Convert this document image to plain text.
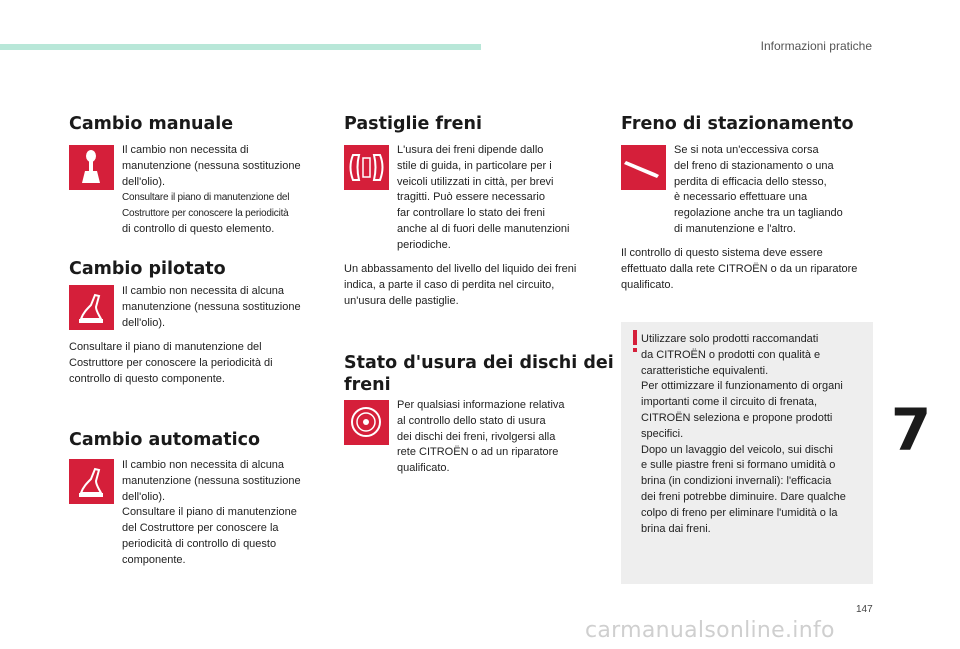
Informazioni pratiche
Cambio manuale

Il cambio non necessita di
manutenzione (nessuna sostituzione
dell'olio).

Consultare il piano di manutenzione del
Costruttore per conoscere la periodicità

di controllo di questo elemento.

Cambio pilotato

Il cambio non necessita di alcuna
manutenzione (nessuna sostituzione
dell'olio).

Consultare il piano di manutenzione del
Costruttore per conoscere la periodicità di
controllo di questo componente.

Cambio automatico

Il cambio non necessita di alcuna
manutenzione (nessuna sostituzione
dell'olio).
Consultare il piano di manutenzione
del Costruttore per conoscere la
periodicità di controllo di questo
componente.

Pastiglie freni

L'usura dei freni dipende dallo
stile di guida, in particolare per i
veicoli utilizzati in città, per brevi
tragitti. Può essere necessario
far controllare lo stato dei freni
anche al di fuori delle manutenzioni
periodiche.

Un abbassamento del livello del liquido dei freni
indica, a parte il caso di perdita nel circuito,
un'usura delle pastiglie.

Stato d'usura dei dischi dei
freni

Per qualsiasi informazione relativa
al controllo dello stato di usura
dei dischi dei freni, rivolgersi alla
rete CITROËN o ad un riparatore
qualificato.

Freno di stazionamento

Se si nota un'eccessiva corsa
del freno di stazionamento o una
perdita di efficacia dello stesso,
è necessario effettuare una
regolazione anche tra un tagliando
di manutenzione e l'altro.

Il controllo di questo sistema deve essere
effettuato dalla rete CITROËN o da un riparatore
qualificato.

Utilizzare solo prodotti raccomandati
da CITROËN o prodotti con qualità e
caratteristiche equivalenti.
Per ottimizzare il funzionamento di organi
importanti come il circuito di frenata,
CITROËN seleziona e propone prodotti
specifici.
Dopo un lavaggio del veicolo, sui dischi
e sulle piastre freni si formano umidità o
brina (in condizioni invernali): l'efficacia
dei freni potrebbe diminuire. Dare qualche
colpo di freno per eliminare l'umidità o la
brina dai freni.

7
147
carmanualsonline.info
